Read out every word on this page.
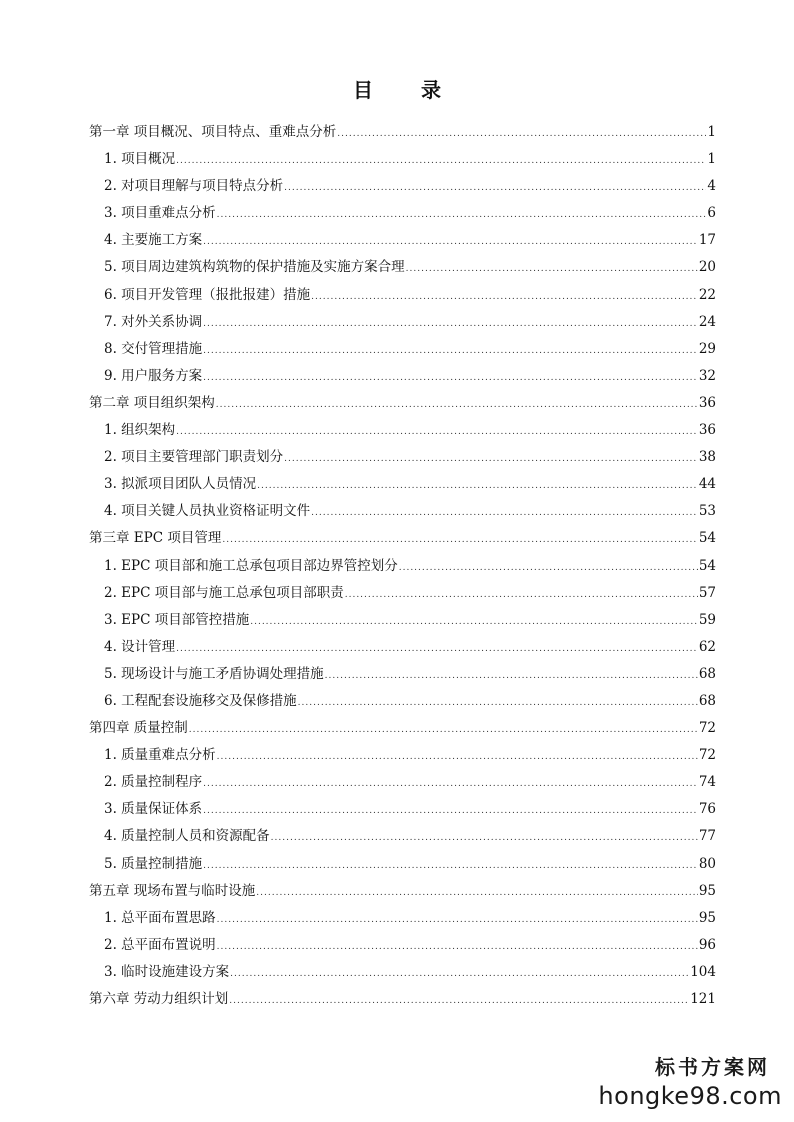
目　录
第一章 项目概况、项目特点、重难点分析 .....	1
1. 项目概况 .....	1
2. 对项目理解与项目特点分析 .....	4
3. 项目重难点分析 .....	6
4. 主要施工方案 .....	17
5. 项目周边建筑构筑物的保护措施及实施方案合理 .....	20
6. 项目开发管理（报批报建）措施 .....	22
7. 对外关系协调 .....	24
8. 交付管理措施 .....	29
9. 用户服务方案 .....	32
第二章 项目组织架构 .....	36
1. 组织架构 .....	36
2. 项目主要管理部门职责划分 .....	38
3. 拟派项目团队人员情况 .....	44
4. 项目关键人员执业资格证明文件 .....	53
第三章 EPC 项目管理 .....	54
1. EPC 项目部和施工总承包项目部边界管控划分 .....	54
2. EPC 项目部与施工总承包项目部职责 .....	57
3. EPC 项目部管控措施 .....	59
4. 设计管理 .....	62
5. 现场设计与施工矛盾协调处理措施 .....	68
6. 工程配套设施移交及保修措施 .....	68
第四章 质量控制 .....	72
1. 质量重难点分析 .....	72
2. 质量控制程序 .....	74
3. 质量保证体系 .....	76
4. 质量控制人员和资源配备 .....	77
5. 质量控制措施 .....	80
第五章 现场布置与临时设施 .....	95
1. 总平面布置思路 .....	95
2. 总平面布置说明 .....	96
3. 临时设施建设方案 .....	104
第六章 劳动力组织计划 .....	121
标书方案网
hongke98.com
